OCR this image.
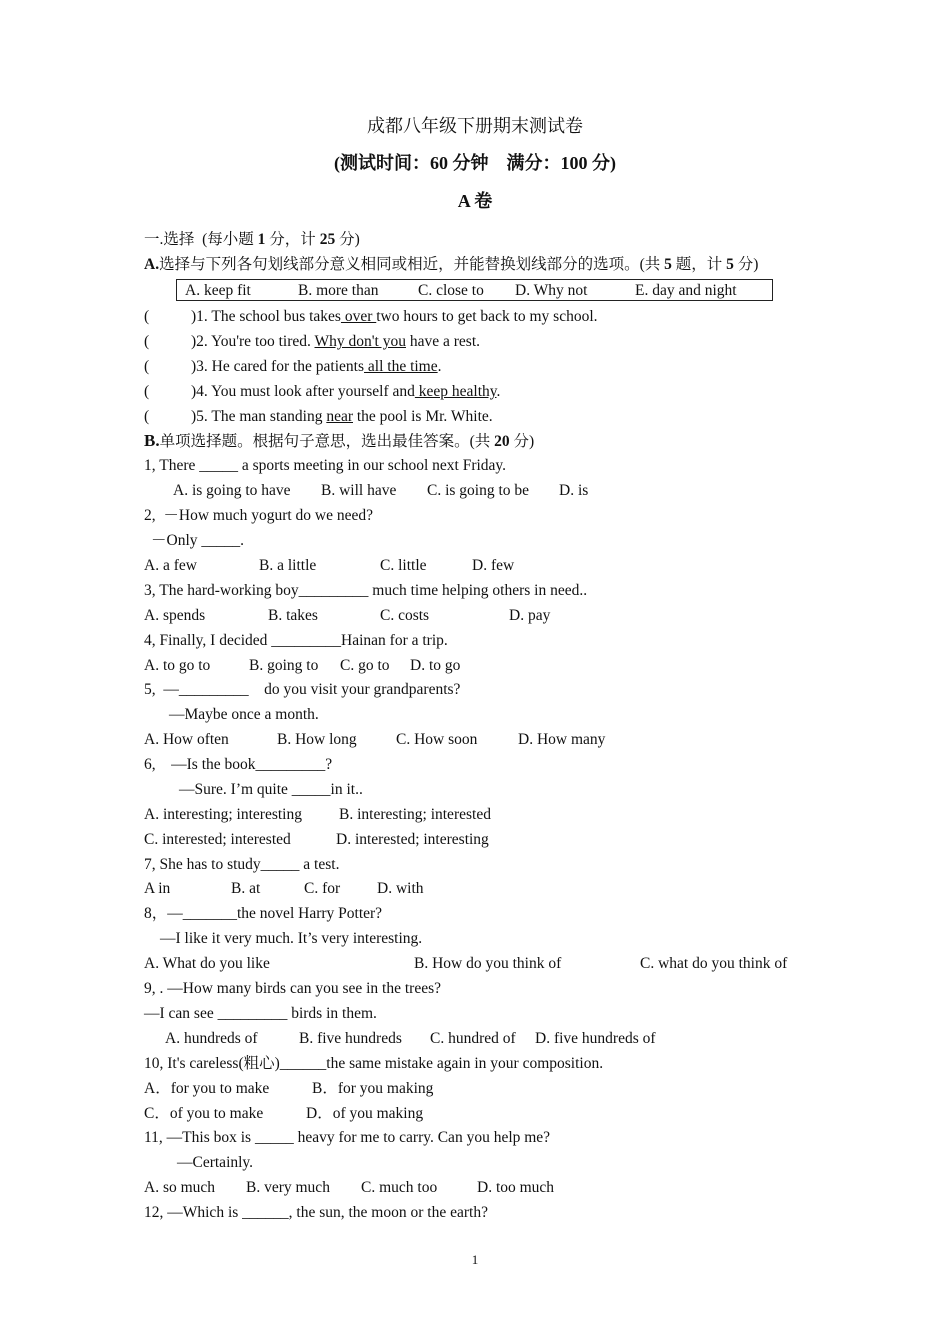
成都八年级下册期末测试卷
(测试时间：60 分钟　满分：100 分)
A 卷
一.选择  (每小题 1 分，计 25 分)
A.选择与下列各句划线部分意义相同或相近，并能替换划线部分的选项。(共 5 题，计 5 分)
A. keep fit	B. more than	C. close to D. Why not	E. day and night
(	)1. The school bus takes over two hours to get back to my school.
(	)2. You're too tired. Why don't you have a rest.
(	)3. He cared for the patients all the time.
(	)4. You must look after yourself and keep healthy.
(	)5. The man standing near the pool is Mr. White.
B.单项选择题。根据句子意思，选出最佳答案。(共 20 分)
1, There _____ a sports meeting in our school next Friday.
A. is going to have B. will have C. is going to be D. is
2,  －How much yogurt do we need?
－Only _____.
A. a few	B. a little	C. little	D. few
3, The hard-working boy_________ much time helping others in need..
A. spends	B. takes	C. costs	D. pay
4, Finally, I decided _________Hainan for a trip.
A. to go to B. going to C. go to D. to go
5,  —_________    do you visit your grandparents?
—Maybe once a month.
A. How often	B. How long	C. How soon	D. How many
6,    —Is the book_________?
—Sure. I’m quite _____in it..
A. interesting; interesting B. interesting; interested
C. interested; interested	D. interested; interesting
7, She has to study_____ a test.
A in	B. at	C. for D. with
8，—_______the novel Harry Potter?
—I like it very much. It’s very interesting.
A. What do you like	B. How do you think of	C. what do you think of
9, . —How many birds can you see in the trees?
—I can see _________ birds in them.
A. hundreds of	B. five hundreds C. hundred of D. five hundreds of
10, It's careless(粗心)______the same mistake again in your composition.
A．for you to make	B．for you making
C．of you to make	D．of you making
11, —This box is _____ heavy for me to carry. Can you help me?
—Certainly.
A. so much B. very much C. much too	D. too much
12, —Which is ______, the sun, the moon or the earth?
1
